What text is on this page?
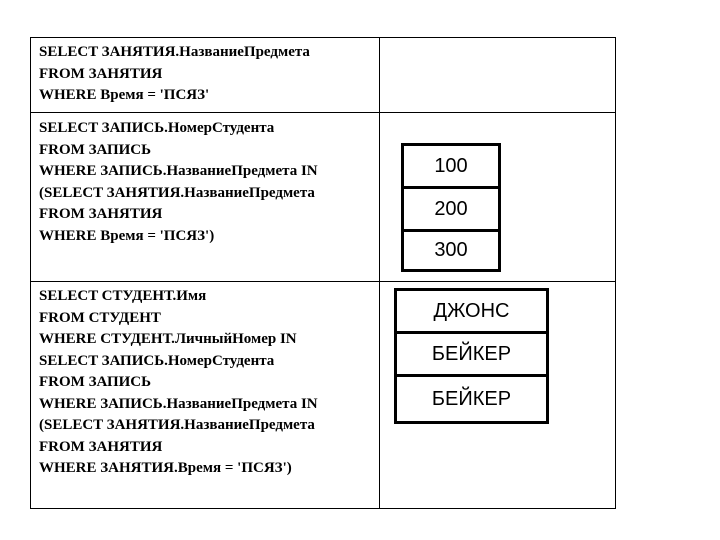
SELECT ЗАНЯТИЯ.НазваниеПредмета
FROM ЗАНЯТИЯ
WHERE Время = 'ПСЯЗ'
SELECT ЗАПИСЬ.НомерСтудента
FROM ЗАПИСЬ
WHERE ЗАПИСЬ.НазваниеПредмета IN
(SELECT ЗАНЯТИЯ.НазваниеПредмета
FROM ЗАНЯТИЯ
WHERE Время = 'ПСЯЗ')
100
200
300
SELECT СТУДЕНТ.Имя
FROM СТУДЕНТ
WHERE СТУДЕНТ.ЛичныйНомер IN
SELECT ЗАПИСЬ.НомерСтудента
FROM ЗАПИСЬ
WHERE ЗАПИСЬ.НазваниеПредмета IN
(SELECT ЗАНЯТИЯ.НазваниеПредмета
FROM ЗАНЯТИЯ
WHERE ЗАНЯТИЯ.Время = 'ПСЯЗ')
ДЖОНС
БЕЙКЕР
БЕЙКЕР
